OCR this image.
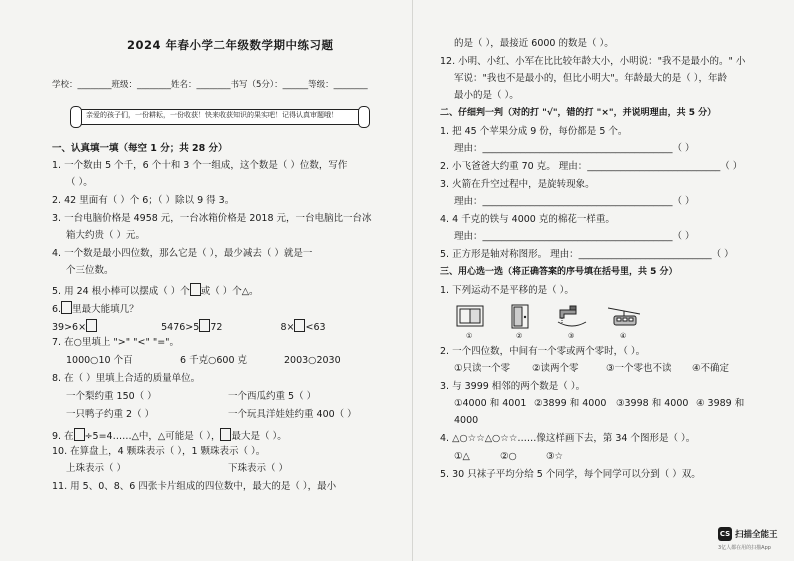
2024 年春小学二年级数学期中练习题
学校：________班级：________姓名：________书写（5分）：______等级：________
亲爱的孩子们，一份耕耘，一份收获！快来收获知识的果实吧！记得认真审题哦！
一、认真填一填（每空 1 分；共 28 分）
1. 一个数由 5 个千，6 个十和 3 个一组成，这个数是（ ）位数，写作
（ ）。
2. 42 里面有（ ）个 6；（ ）除以 9 得 3。
3. 一台电脑价格是 4958 元，一台冰箱价格是 2018 元，一台电脑比一台冰
箱大约贵（ ）元。
4. 一个数是最小四位数，那么它是（ ），最少减去（ ）就是一
个三位数。
5. 用 24 根小棒可以摆成（ ）个 或（ ）个△。
6. 里最大能填几？
39>6×	5476>5 72	8× <63
7. 在○里填上 ">" "<" "="。
1000○10 个百	6 千克○600 克	2003○2030
8. 在（ ）里填上合适的质量单位。
一个梨约重 150（ ）	一个西瓜约重 5（ ）
一只鸭子约重 2（ ）	一个玩具洋娃娃约重 400（ ）
9. 在 ÷5=4……△中，△可能是（ ）， 最大是（ ）。
10. 在算盘上，4 颗珠表示（ ），1 颗珠表示（ ）。
上珠表示（ ）	下珠表示（ ）
11. 用 5、0、8、6 四张卡片组成的四位数中，最大的是（ ），最小
的是（ ），最接近 6000 的数是（ ）。
12. 小明、小红、小军在比比较年龄大小，小明说："我不是最小的。" 小
军说："我也不是最小的，但比小明大"。年龄最大的是（ ），年龄
最小的是（ ）。
二、仔细判一判（对的打 "√"，错的打 "×"，并说明理由，共 5 分）
1. 把 45 个苹果分成 9 份，每份都是 5 个。
理由：________________________________________（ ）
2. 小飞爸爸大约重 70 克。 理由：____________________________（ ）
3. 火箭在升空过程中，是旋转现象。
理由：________________________________________（ ）
4. 4 千克的铁与 4000 克的棉花一样重。
理由：________________________________________（ ）
5. 正方形是轴对称图形。 理由：____________________________（ ）
三、用心选一选（将正确答案的序号填在括号里，共 5 分）
1. 下列运动不是平移的是（ ）。
①	②	③	④
2. 一个四位数，中间有一个零或两个零时，（ ）。
①只读一个零 ②读两个零	③一个零也不读 ④不确定
3. 与 3999 相邻的两个数是（ ）。
①4000 和 4001 ②3899 和 4000 ③3998 和 4000 ④ 3989 和
4000
4. △○☆☆△○☆☆……像这样画下去，第 34 个图形是（ ）。
①△	②○	③☆
5. 30 只袜子平均分给 5 个同学，每个同学可以分到（ ）双。
CS 扫描全能王
3亿人都在用的扫描App
